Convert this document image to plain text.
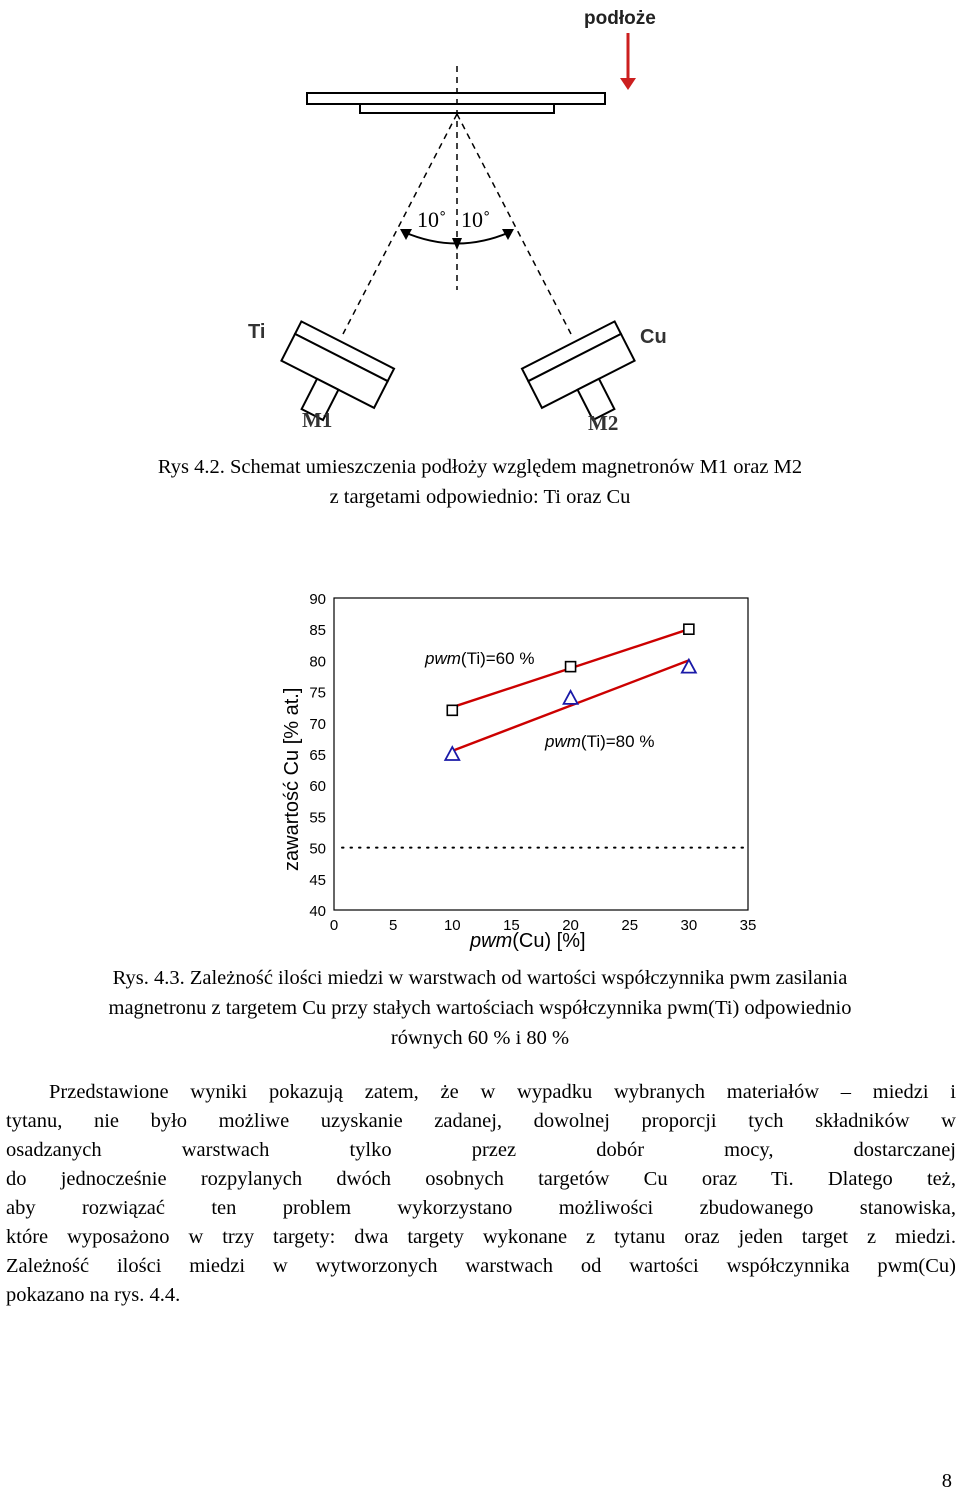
podłoże
10˚ 10˚
Ti
M1
Cu
M2
Rys 4.2. Schemat umieszczenia podłoży względem magnetronów M1 oraz M2
z targetami odpowiednio: Ti oraz Cu
40
45
50
55
60
65
70
75
80
85
90
0	5	10	15	20	25	30	35
pwm(Ti)=60 %
pwm(Ti)=80 %
pwm(Cu) [%]
zawartość Cu [% at.]
Rys. 4.3. Zależność ilości miedzi w warstwach od wartości współczynnika pwm zasilania
magnetronu z targetem Cu przy stałych wartościach współczynnika pwm(Ti) odpowiednio
równych 60 % i 80 %

Przedstawione wyniki pokazują zatem, że w wypadku wybranych materiałów – miedzi i

tytanu, nie było możliwe uzyskanie zadanej, dowolnej proporcji tych składników w

osadzanych warstwach tylko przez dobór mocy, dostarczanej

do jednocześnie rozpylanych dwóch osobnych targetów Cu oraz Ti. Dlatego też,

aby rozwiązać ten problem wykorzystano możliwości zbudowanego stanowiska,

które wyposażono w trzy targety: dwa targety wykonane z tytanu oraz jeden target z miedzi.

Zależność ilości miedzi w wytworzonych warstwach od wartości współczynnika pwm(Cu)

pokazano na rys. 4.4.

8
